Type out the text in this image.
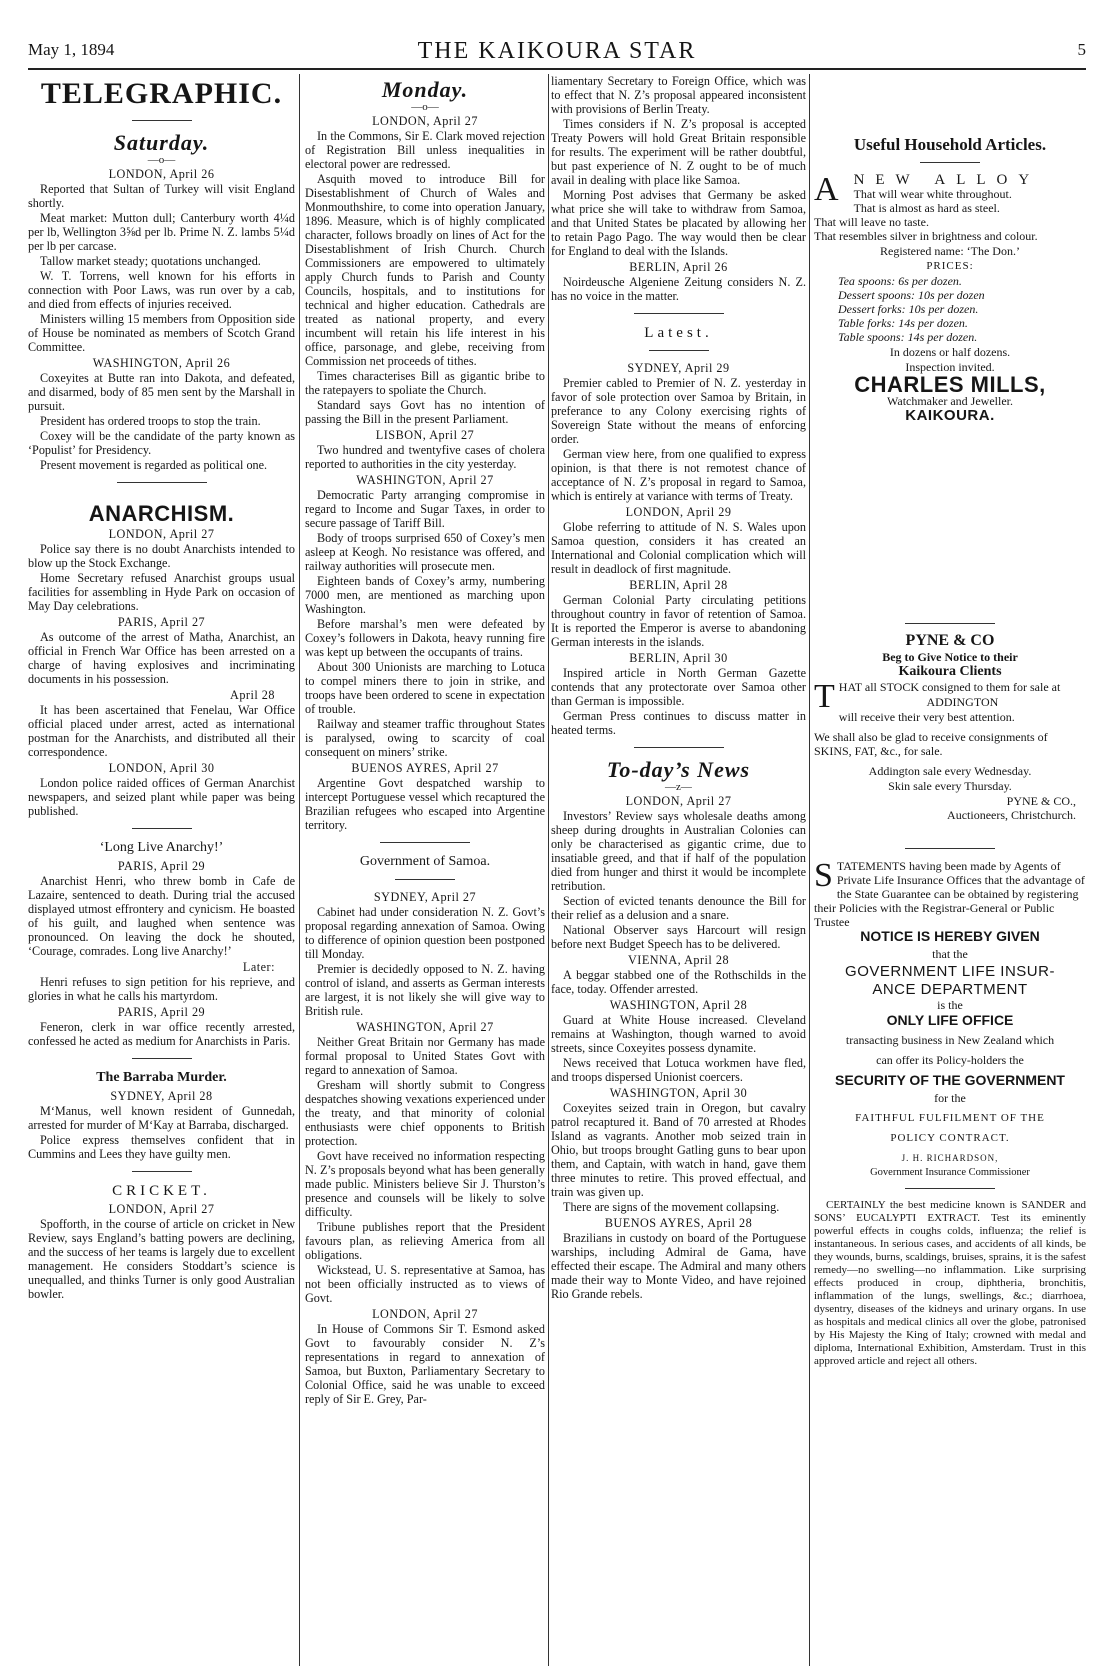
May 1, 1894	THE KAIKOURA STAR	5
TELEGRAPHIC.
Saturday.

—o—

LONDON, April 26

Reported that Sultan of Turkey will visit England shortly.

Meat market: Mutton dull; Canterbury worth 4¼d per lb, Wellington 3⅝d per lb. Prime N. Z. lambs 5¼d per lb per carcase.

Tallow market steady; quotations unchanged.

W. T. Torrens, well known for his efforts in connection with Poor Laws, was run over by a cab, and died from effects of injuries received.

Ministers willing 15 members from Opposition side of House be nominated as members of Scotch Grand Committee.

WASHINGTON, April 26

Coxeyites at Butte ran into Dakota, and defeated, and disarmed, body of 85 men sent by the Marshall in pursuit.

President has ordered troops to stop the train.

Coxey will be the candidate of the party known as ‘Populist’ for Presidency.

Present movement is regarded as political one.

ANARCHISM.

LONDON, April 27

Police say there is no doubt Anarchists intended to blow up the Stock Exchange.

Home Secretary refused Anarchist groups usual facilities for assembling in Hyde Park on occasion of May Day celebrations.

PARIS, April 27

As outcome of the arrest of Matha, Anarchist, an official in French War Office has been arrested on a charge of having explosives and incriminating documents in his possession.

April 28

It has been ascertained that Fenelau, War Office official placed under arrest, acted as international postman for the Anarchists, and distributed all their correspondence.

LONDON, April 30

London police raided offices of German Anarchist newspapers, and seized plant while paper was being published.

‘Long Live Anarchy!’

PARIS, April 29

Anarchist Henri, who threw bomb in Cafe de Lazaire, sentenced to death. During trial the accused displayed utmost effrontery and cynicism. He boasted of his guilt, and laughed when sentence was pronounced. On leaving the dock he shouted, ‘Courage, comrades. Long live Anarchy!’

Later:

Henri refuses to sign petition for his reprieve, and glories in what he calls his martyrdom.

PARIS, April 29

Feneron, clerk in war office recently arrested, confessed he acted as medium for Anarchists in Paris.

The Barraba Murder.

SYDNEY, April 28

M‘Manus, well known resident of Gunnedah, arrested for murder of M‘Kay at Barraba, discharged.

Police express themselves confident that in Cummins and Lees they have guilty men.

CRICKET.

LONDON, April 27

Spofforth, in the course of article on cricket in New Review, says England’s batting powers are declining, and the success of her teams is largely due to excellent management. He considers Stoddart’s science is unequalled, and thinks Turner is only good Australian bowler.

Monday.

—o—

LONDON, April 27

In the Commons, Sir E. Clark moved rejection of Registration Bill unless inequalities in electoral power are redressed.

Asquith moved to introduce Bill for Disestablishment of Church of Wales and Monmouthshire, to come into operation January, 1896. Measure, which is of highly complicated character, follows broadly on lines of Act for the Disestablishment of Irish Church. Church Commissioners are empowered to ultimately apply Church funds to Parish and County Councils, hospitals, and to institutions for technical and higher education. Cathedrals are treated as national property, and every incumbent will retain his life interest in his office, parsonage, and glebe, receiving from Commission net proceeds of tithes.

Times characterises Bill as gigantic bribe to the ratepayers to spoliate the Church.

Standard says Govt has no intention of passing the Bill in the present Parliament.

LISBON, April 27

Two hundred and twentyfive cases of cholera reported to authorities in the city yesterday.

WASHINGTON, April 27

Democratic Party arranging compromise in regard to Income and Sugar Taxes, in order to secure passage of Tariff Bill.

Body of troops surprised 650 of Coxey’s men asleep at Keogh. No resistance was offered, and railway authorities will prosecute men.

Eighteen bands of Coxey’s army, numbering 7000 men, are mentioned as marching upon Washington.

Before marshal’s men were defeated by Coxey’s followers in Dakota, heavy running fire was kept up between the occupants of trains.

About 300 Unionists are marching to Lotuca to compel miners there to join in strike, and troops have been ordered to scene in expectation of trouble.

Railway and steamer traffic throughout States is paralysed, owing to scarcity of coal consequent on miners’ strike.

BUENOS AYRES, April 27

Argentine Govt despatched warship to intercept Portuguese vessel which recaptured the Brazilian refugees who escaped into Argentine territory.

Government of Samoa.

SYDNEY, April 27

Cabinet had under consideration N. Z. Govt’s proposal regarding annexation of Samoa. Owing to difference of opinion question been postponed till Monday.

Premier is decidedly opposed to N. Z. having control of island, and asserts as German interests are largest, it is not likely she will give way to British rule.

WASHINGTON, April 27

Neither Great Britain nor Germany has made formal proposal to United States Govt with regard to annexation of Samoa.

Gresham will shortly submit to Congress despatches showing vexations experienced under the treaty, and that minority of colonial enthusiasts were chief opponents to British protection.

Govt have received no information respecting N. Z’s proposals beyond what has been generally made public. Ministers believe Sir J. Thurston’s presence and counsels will be likely to solve difficulty.

Tribune publishes report that the President favours plan, as relieving America from all obligations.

Wickstead, U. S. representative at Samoa, has not been officially instructed as to views of Govt.

LONDON, April 27

In House of Commons Sir T. Esmond asked Govt to favourably consider N. Z’s representations in regard to annexation of Samoa, but Buxton, Parliamentary Secretary to Colonial Office, said he was unable to exceed reply of Sir E. Grey, Par-

liamentary Secretary to Foreign Office, which was to effect that N. Z’s proposal appeared inconsistent with provisions of Berlin Treaty.

Times considers if N. Z’s proposal is accepted Treaty Powers will hold Great Britain responsible for results. The experiment will be rather doubtful, but past experience of N. Z ought to be of much avail in dealing with place like Samoa.

Morning Post advises that Germany be asked what price she will take to withdraw from Samoa, and that United States be placated by allowing her to retain Pago Pago. The way would then be clear for England to deal with the Islands.

BERLIN, April 26

Noirdeusche Algeniene Zeitung considers N. Z. has no voice in the matter.

Latest.

SYDNEY, April 29

Premier cabled to Premier of N. Z. yesterday in favor of sole protection over Samoa by Britain, in preferance to any Colony exercising rights of Sovereign State without the means of enforcing order.

German view here, from one qualified to express opinion, is that there is not remotest chance of acceptance of N. Z’s proposal in regard to Samoa, which is entirely at variance with terms of Treaty.

LONDON, April 29

Globe referring to attitude of N. S. Wales upon Samoa question, considers it has created an International and Colonial complication which will result in deadlock of first magnitude.

BERLIN, April 28

German Colonial Party circulating petitions throughout country in favor of retention of Samoa. It is reported the Emperor is averse to abandoning German interests in the islands.

BERLIN, April 30

Inspired article in North German Gazette contends that any protectorate over Samoa other than German is impossible.

German Press continues to discuss matter in heated terms.

To-day’s News

—z—

LONDON, April 27

Investors’ Review says wholesale deaths among sheep during droughts in Australian Colonies can only be characterised as gigantic crime, due to insatiable greed, and that if half of the population died from hunger and thirst it would be incomplete retribution.

Section of evicted tenants denounce the Bill for their relief as a delusion and a snare.

National Observer says Harcourt will resign before next Budget Speech has to be delivered.

VIENNA, April 28

A beggar stabbed one of the Rothschilds in the face, today. Offender arrested.

WASHINGTON, April 28

Guard at White House increased. Cleveland remains at Washington, though warned to avoid streets, since Coxeyites possess dynamite.

News received that Lotuca workmen have fled, and troops dispersed Unionist coercers.

WASHINGTON, April 30

Coxeyites seized train in Oregon, but cavalry patrol recaptured it. Band of 70 arrested at Rhodes Island as vagrants. Another mob seized train in Ohio, but troops brought Gatling guns to bear upon them, and Captain, with watch in hand, gave them three minutes to retire. This proved effectual, and train was given up.

There are signs of the movement collapsing.

BUENOS AYRES, April 28

Brazilians in custody on board of the Portuguese warships, including Admiral de Gama, have effected their escape. The Admiral and many others made their way to Monte Video, and have rejoined Rio Grande rebels.

Useful Household Articles.
ANEW ALLOY

That will wear white throughout.

That is almost as hard as steel.

That will leave no taste.

That resembles silver in brightness and colour.

Registered name: ‘The Don.’

PRICES:

Tea spoons: 6s per dozen.

Dessert spoons: 10s per dozen

Dessert forks: 10s per dozen.

Table forks: 14s per dozen.

Table spoons: 14s per dozen.

In dozens or half dozens.

Inspection invited.

CHARLES MILLS,

Watchmaker and Jeweller.

KAIKOURA.
PYNE & CO

Beg to Give Notice to their

Kaikoura Clients

THAT all STOCK consigned to them for sale at

ADDINGTON

will receive their very best attention.

We shall also be glad to receive consignments of SKINS, FAT, &c., for sale.

Addington sale every Wednesday.

Skin sale every Thursday.

PYNE & CO.,

Auctioneers, Christchurch.

STATEMENTS having been made by Agents of Private Life Insurance Offices that the advantage of the State Guarantee can be obtained by registering their Policies with the Registrar-General or Public Trustee

NOTICE IS HEREBY GIVEN

that the

GOVERNMENT LIFE INSUR-
ANCE DEPARTMENT

is the

ONLY LIFE OFFICE

transacting business in New Zealand which

can offer its Policy-holders the

SECURITY OF THE GOVERNMENT

for the

FAITHFUL FULFILMENT OF THE

POLICY CONTRACT.

J. H. RICHARDSON,

Government Insurance Commissioner

CERTAINLY the best medicine known is SANDER and SONS’ EUCALYPTI EXTRACT. Test its eminently powerful effects in coughs colds, influenza; the relief is instantaneous. In serious cases, and accidents of all kinds, be they wounds, burns, scaldings, bruises, sprains, it is the safest remedy—no swelling—no inflammation. Like surprising effects produced in croup, diphtheria, bronchitis, inflammation of the lungs, swellings, &c.; diarrhoea, dysentry, diseases of the kidneys and urinary organs. In use as hospitals and medical clinics all over the globe, patronised by His Majesty the King of Italy; crowned with medal and diploma, International Exhibition, Amsterdam. Trust in this approved article and reject all others.
